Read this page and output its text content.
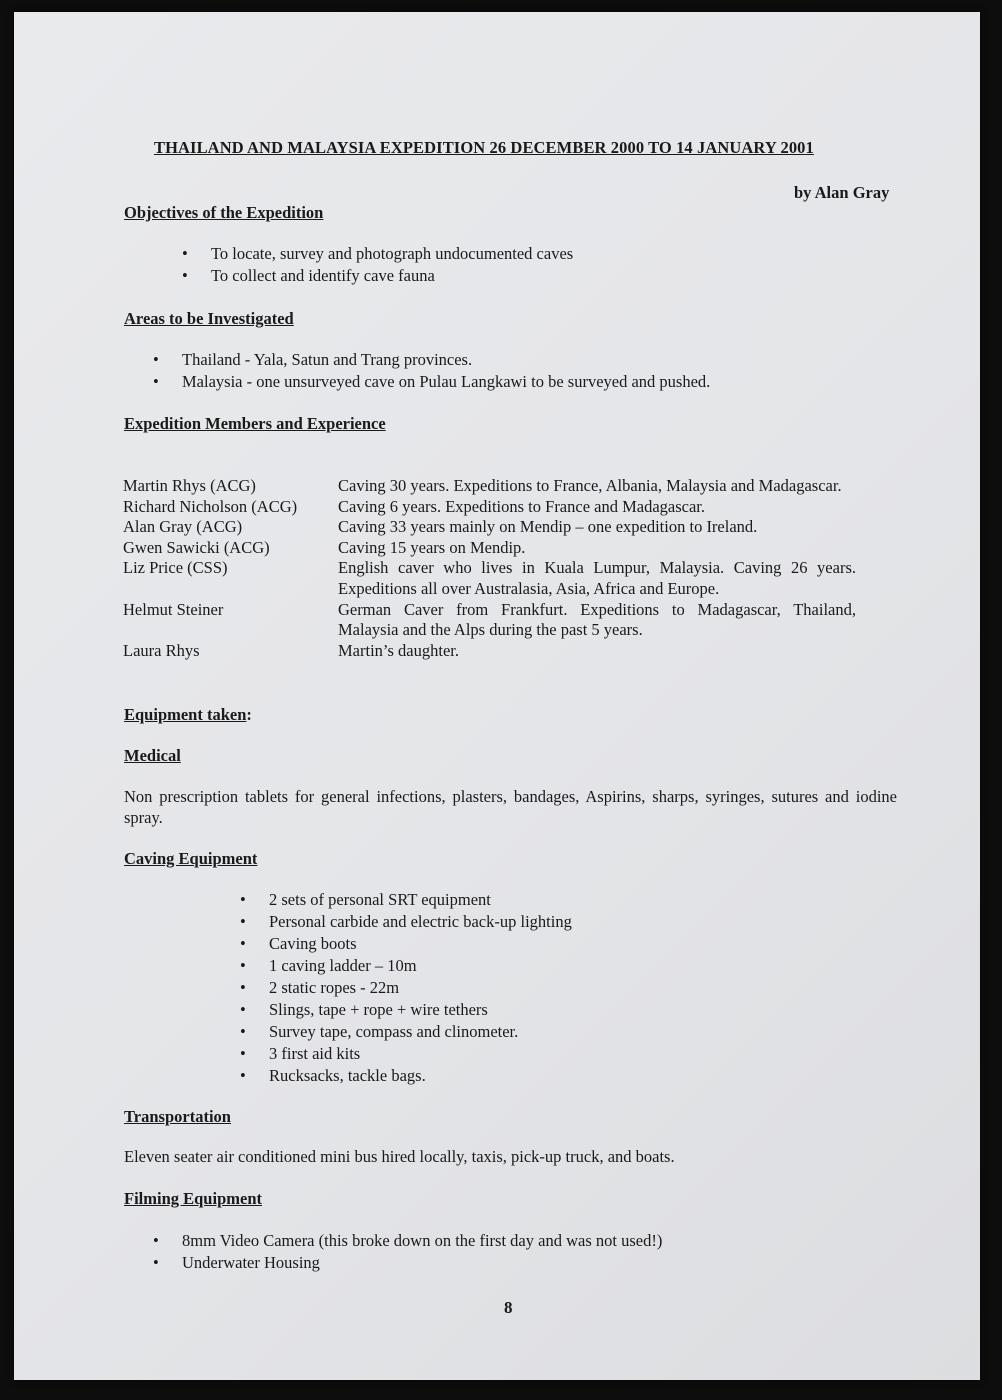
THAILAND AND MALAYSIA EXPEDITION 26 DECEMBER 2000 TO 14 JANUARY 2001
by Alan Gray
Objectives of the Expedition
• To locate, survey and photograph undocumented caves
• To collect and identify cave fauna
Areas to be Investigated
• Thailand - Yala, Satun and Trang provinces.
• Malaysia - one unsurveyed cave on Pulau Langkawi to be surveyed and pushed.
Expedition Members and Experience
Martin Rhys (ACG)	Caving 30 years. Expeditions to France, Albania, Malaysia and Madagascar.
Richard Nicholson (ACG)	Caving 6 years. Expeditions to France and Madagascar.
Alan Gray (ACG)	Caving 33 years mainly on Mendip – one expedition to Ireland.
Gwen Sawicki (ACG)	Caving 15 years on Mendip.
Liz Price (CSS)	English caver who lives in Kuala Lumpur, Malaysia. Caving 26 years. Expeditions all over Australasia, Asia, Africa and Europe.
Helmut Steiner	German Caver from Frankfurt. Expeditions to Madagascar, Thailand, Malaysia and the Alps during the past 5 years.
Laura Rhys	Martin’s daughter.
Equipment taken:
Medical
Non prescription tablets for general infections, plasters, bandages, Aspirins, sharps, syringes, sutures and iodine spray.
Caving Equipment
• 2 sets of personal SRT equipment
• Personal carbide and electric back-up lighting
• Caving boots
• 1 caving ladder – 10m
• 2 static ropes - 22m
• Slings, tape + rope + wire tethers
• Survey tape, compass and clinometer.
• 3 first aid kits
• Rucksacks, tackle bags.
Transportation
Eleven seater air conditioned mini bus hired locally, taxis, pick-up truck, and boats.
Filming Equipment
• 8mm Video Camera (this broke down on the first day and was not used!)
• Underwater Housing
8
